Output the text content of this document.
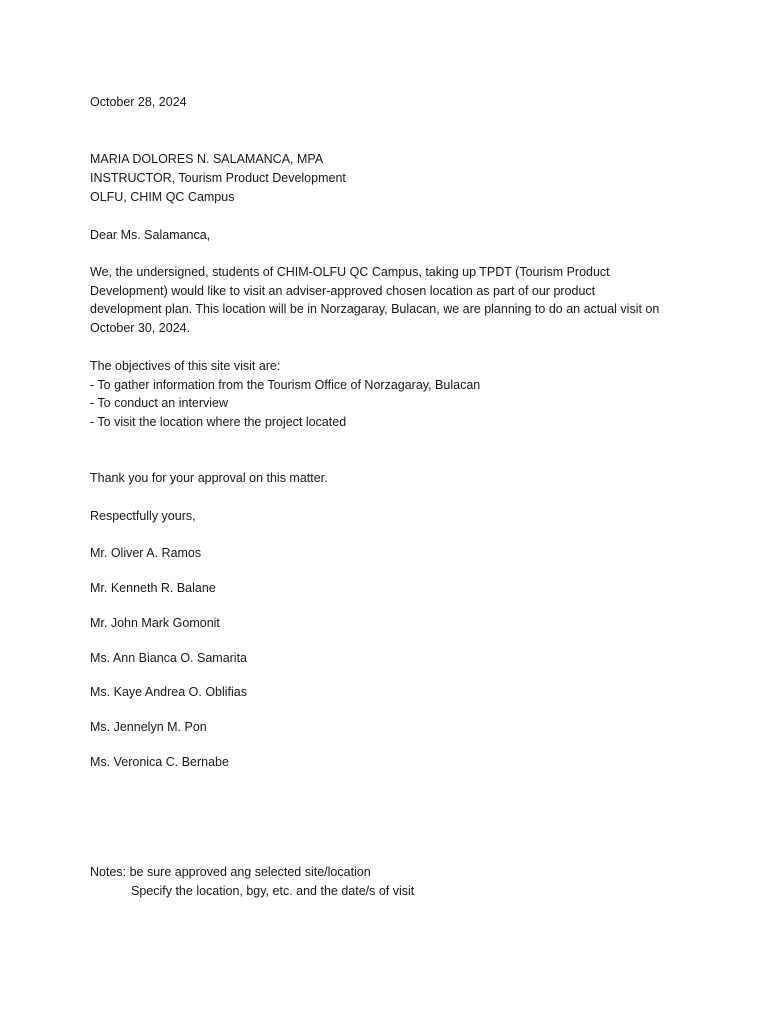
October 28, 2024
MARIA DOLORES N. SALAMANCA, MPA
INSTRUCTOR, Tourism Product Development
OLFU, CHIM QC Campus
Dear Ms. Salamanca,
We, the undersigned, students of CHIM-OLFU QC Campus, taking up TPDT (Tourism Product
Development) would like to visit an adviser-approved chosen location as part of our product
development plan. This location will be in Norzagaray, Bulacan, we are planning to do an actual visit on
October 30, 2024.
The objectives of this site visit are:
- To gather information from the Tourism Office of Norzagaray, Bulacan
- To conduct an interview
- To visit the location where the project located
Thank you for your approval on this matter.
Respectfully yours,
Mr. Oliver A. Ramos
Mr. Kenneth R. Balane
Mr. John Mark Gomonit
Ms. Ann Bianca O. Samarita
Ms. Kaye Andrea O. Oblifias
Ms. Jennelyn M. Pon
Ms. Veronica C. Bernabe
Notes: be sure approved ang selected site/location
Specify the location, bgy, etc. and the date/s of visit
